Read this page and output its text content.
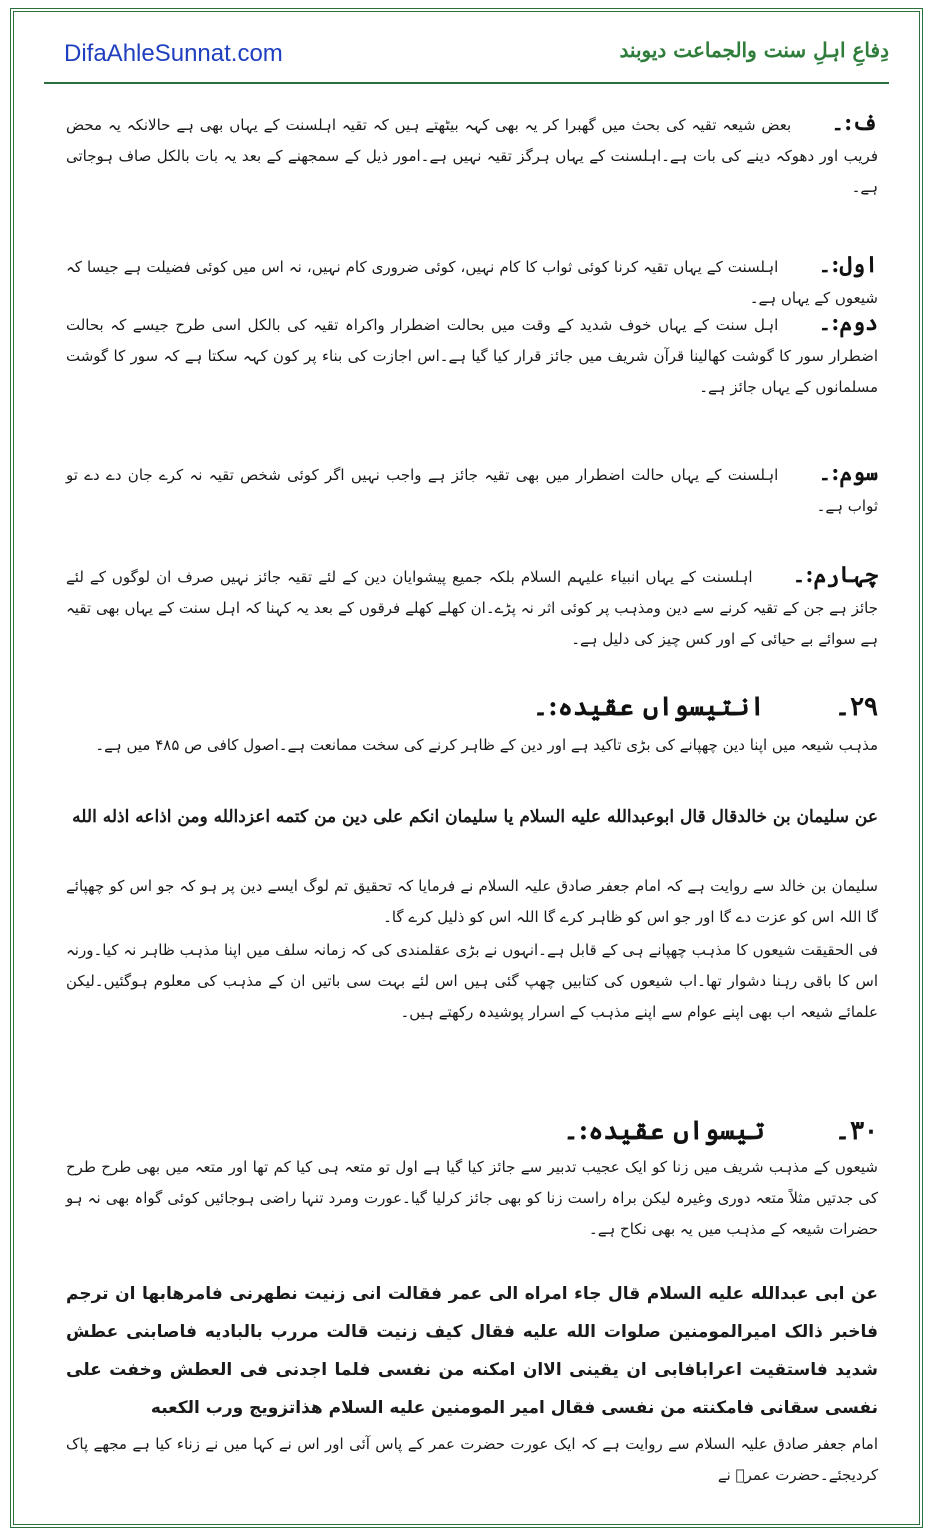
DifaAhleSunnat.com	دِفاعِ اہلِ سنت والجماعت دیوبند

ف:۔بعض شیعہ تقیہ کی بحث میں گھبرا کر یہ بھی کہہ بیٹھتے ہیں کہ تقیہ اہلسنت کے یہاں بھی ہے حالانکہ یہ محض فریب اور دھوکہ دینے کی بات ہے۔اہلسنت کے یہاں ہرگز تقیہ نہیں ہے۔امور ذیل کے سمجھنے کے بعد یہ بات بالکل صاف ہوجاتی ہے۔

اول:۔اہلسنت کے یہاں تقیہ کرنا کوئی ثواب کا کام نہیں، کوئی ضروری کام نہیں، نہ اس میں کوئی فضیلت ہے جیسا کہ شیعوں کے یہاں ہے۔

دوم:۔اہل سنت کے یہاں خوف شدید کے وقت میں بحالت اضطرار واکراہ تقیہ کی بالکل اسی طرح جیسے کہ بحالت اضطرار سور کا گوشت کھالینا قرآن شریف میں جائز قرار کیا گیا ہے۔اس اجازت کی بناء پر کون کہہ سکتا ہے کہ سور کا گوشت مسلمانوں کے یہاں جائز ہے۔

سوم:۔اہلسنت کے یہاں حالت اضطرار میں بھی تقیہ جائز ہے واجب نہیں اگر کوئی شخص تقیہ نہ کرے جان دے دے تو ثواب ہے۔

چہارم:۔اہلسنت کے یہاں انبیاء علیہم السلام بلکہ جمیع پیشوایان دین کے لئے تقیہ جائز نہیں صرف ان لوگوں کے لئے جائز ہے جن کے تقیہ کرنے سے دین ومذہب پر کوئی اثر نہ پڑے۔ان کھلے کھلے فرقوں کے بعد یہ کہنا کہ اہل سنت کے یہاں بھی تقیہ ہے سوائے بے حیائی کے اور کس چیز کی دلیل ہے۔

۲۹۔انتیسواں عقیدہ:۔

مذہب شیعہ میں اپنا دین چھپانے کی بڑی تاکید ہے اور دین کے ظاہر کرنے کی سخت ممانعت ہے۔اصول کافی ص ۴۸۵ میں ہے۔

عن سلیمان بن خالدقال قال ابوعبدالله علیه السلام یا سلیمان انکم علی دین من کتمه اعزدالله ومن اذاعه اذله الله

سلیمان بن خالد سے روایت ہے کہ امام جعفر صادق علیہ السلام نے فرمایا کہ تحقیق تم لوگ ایسے دین پر ہو کہ جو اس کو چھپائے گا اللہ اس کو عزت دے گا اور جو اس کو ظاہر کرے گا اللہ اس کو ذلیل کرے گا۔

فی الحقیقت شیعوں کا مذہب چھپانے ہی کے قابل ہے۔انہوں نے بڑی عقلمندی کی کہ زمانہ سلف میں اپنا مذہب ظاہر نہ کیا۔ورنہ اس کا باقی رہنا دشوار تھا۔اب شیعوں کی کتابیں چھپ گئی ہیں اس لئے بہت سی باتیں ان کے مذہب کی معلوم ہوگئیں۔لیکن علمائے شیعہ اب بھی اپنے عوام سے اپنے مذہب کے اسرار پوشیدہ رکھتے ہیں۔

۳۰۔تیسواں عقیدہ:۔

شیعوں کے مذہب شریف میں زنا کو ایک عجیب تدبیر سے جائز کیا گیا ہے اول تو متعہ ہی کیا کم تھا اور متعہ میں بھی طرح طرح کی جدتیں مثلاً متعہ دوری وغیرہ لیکن براہ راست زنا کو بھی جائز کرلیا گیا۔عورت ومرد تنہا راضی ہوجائیں کوئی گواہ بھی نہ ہو حضرات شیعہ کے مذہب میں یہ بھی نکاح ہے۔

عن ابی عبدالله علیه السلام قال جاء امراه الی عمر فقالت انی زنیت نطهرنی فامرهابها ان ترجم فاخبر ذالک امیرالمومنین صلوات الله علیه فقال کیف زنیت قالت مررب بالبادیه فاصابنی عطش شدید فاستقیت اعرابافابی ان یقینی الاان امکنه من نفسی فلما اجدنی فی العطش وخفت علی نفسی سقانی فامکنته من نفسی فقال امیر المومنین علیه السلام هذاتزویج ورب الکعبه

امام جعفر صادق علیہ السلام سے روایت ہے کہ ایک عورت حضرت عمر کے پاس آئی اور اس نے کہا میں نے زناء کیا ہے مجھے پاک کردیجئے۔حضرت عمرؓ نے
